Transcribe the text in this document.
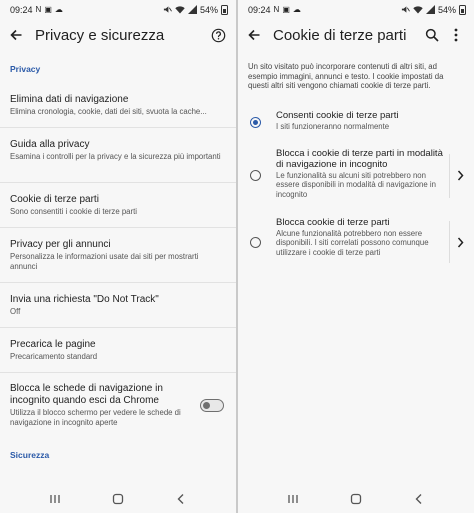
09:24 N ▣ ☁	54%
Privacy e sicurezza
Privacy
Elimina dati di navigazione
Elimina cronologia, cookie, dati dei siti, svuota la cache...
Guida alla privacy
Esamina i controlli per la privacy e la sicurezza più importanti
Cookie di terze parti
Sono consentiti i cookie di terze parti
Privacy per gli annunci
Personalizza le informazioni usate dai siti per mostrarti annunci
Invia una richiesta "Do Not Track"
Off
Precarica le pagine
Precaricamento standard
Blocca le schede di navigazione in incognito quando esci da Chrome
Utilizza il blocco schermo per vedere le schede di navigazione in incognito aperte
Sicurezza
09:24 N ▣ ☁	54%
Cookie di terze parti
Un sito visitato può incorporare contenuti di altri siti, ad esempio immagini, annunci e testo. I cookie impostati da questi altri siti vengono chiamati cookie di terze parti.
Consenti cookie di terze parti
I siti funzioneranno normalmente
Blocca i cookie di terze parti in modalità di navigazione in incognito
Le funzionalità su alcuni siti potrebbero non essere disponibili in modalità di navigazione in incognito
Blocca cookie di terze parti
Alcune funzionalità potrebbero non essere disponibili. I siti correlati possono comunque utilizzare i cookie di terze parti
